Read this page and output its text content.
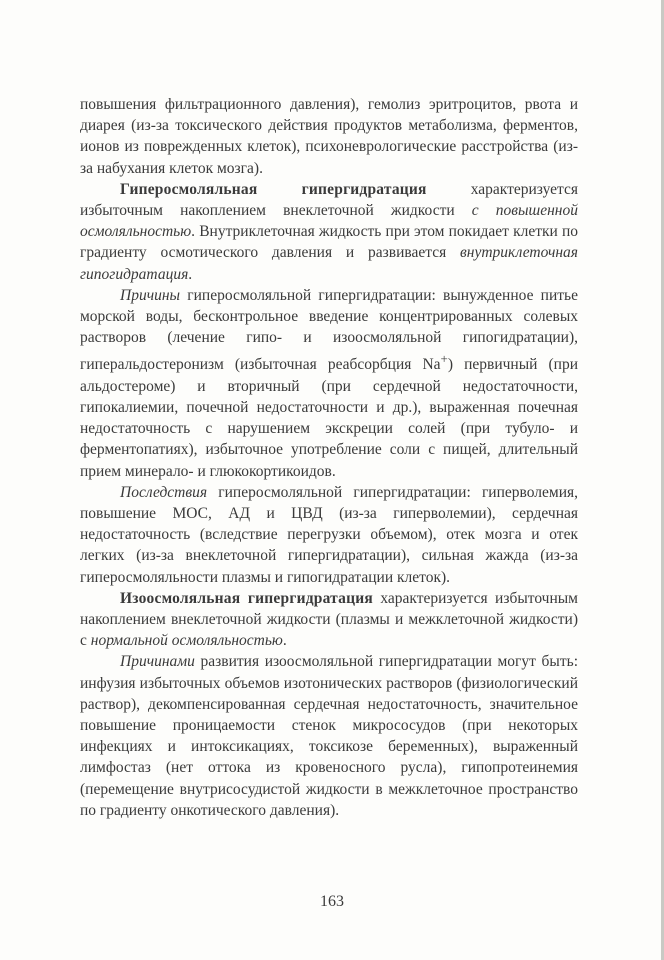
повышения фильтрационного давления), гемолиз эритроцитов, рвота и диарея (из-за токсического действия продуктов метаболизма, ферментов, ионов из поврежденных клеток), психоневрологические расстройства (из-за набухания клеток мозга).

Гиперосмоляльная гипергидратация характеризуется избыточным накоплением внеклеточной жидкости с повышенной осмоляльностью. Внутриклеточная жидкость при этом покидает клетки по градиенту осмотического давления и развивается внутриклеточная гипогидратация.

Причины гиперосмоляльной гипергидратации: вынужденное питье морской воды, бесконтрольное введение концентрированных солевых растворов (лечение гипо- и изоосмоляльной гипогидратации), гиперальдостеронизм (избыточная реабсорбция Na+) первичный (при альдостероме) и вторичный (при сердечной недостаточности, гипокалиемии, почечной недостаточности и др.), выраженная почечная недостаточность с нарушением экскреции солей (при тубуло- и ферментопатиях), избыточное употребление соли с пищей, длительный прием минерало- и глюкокортикоидов.

Последствия гиперосмоляльной гипергидратации: гиперволемия, повышение МОС, АД и ЦВД (из-за гиперволемии), сердечная недостаточность (вследствие перегрузки объемом), отек мозга и отек легких (из-за внеклеточной гипергидратации), сильная жажда (из-за гиперосмоляльности плазмы и гипогидратации клеток).

Изоосмоляльная гипергидратация характеризуется избыточным накоплением внеклеточной жидкости (плазмы и межклеточной жидкости) с нормальной осмоляльностью.

Причинами развития изоосмоляльной гипергидратации могут быть: инфузия избыточных объемов изотонических растворов (физиологический раствор), декомпенсированная сердечная недостаточность, значительное повышение проницаемости стенок микрососудов (при некоторых инфекциях и интоксикациях, токсикозе беременных), выраженный лимфостаз (нет оттока из кровеносного русла), гипопротеинемия (перемещение внутрисосудистой жидкости в межклеточное пространство по градиенту онкотического давления).

163
